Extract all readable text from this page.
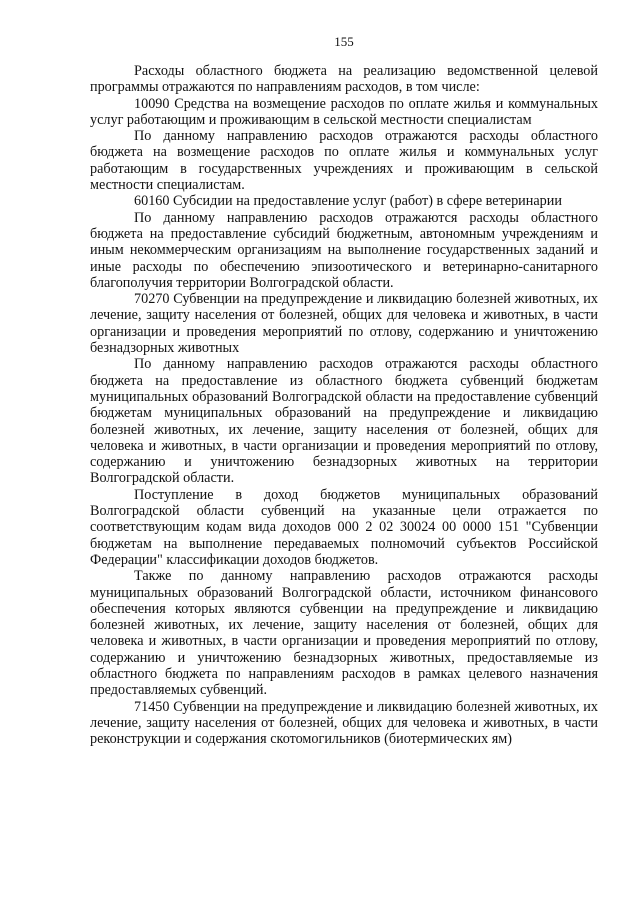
155

Расходы областного бюджета на реализацию ведомственной целевой программы отражаются по направлениям расходов, в том числе:

10090 Средства на возмещение расходов по оплате жилья и коммунальных услуг работающим и проживающим в сельской местности специалистам

По данному направлению расходов отражаются расходы областного бюджета на возмещение расходов по оплате жилья и коммунальных услуг работающим в государственных учреждениях и проживающим в сельской местности специалистам.

60160 Субсидии на предоставление услуг (работ) в сфере ветеринарии

По данному направлению расходов отражаются расходы областного бюджета на предоставление субсидий бюджетным, автономным учреждениям и иным некоммерческим организациям на выполнение государственных заданий и иные расходы по обеспечению эпизоотического и ветеринарно-санитарного благополучия территории Волгоградской области.

70270 Субвенции на предупреждение и ликвидацию болезней животных, их лечение, защиту населения от болезней, общих для человека и животных, в части организации и проведения мероприятий по отлову, содержанию и уничтожению безнадзорных животных

По данному направлению расходов отражаются расходы областного бюджета на предоставление из областного бюджета субвенций бюджетам муниципальных образований Волгоградской области на предоставление субвенций бюджетам муниципальных образований на предупреждение и ликвидацию болезней животных, их лечение, защиту населения от болезней, общих для человека и животных, в части организации и проведения мероприятий по отлову, содержанию и уничтожению безнадзорных животных на территории Волгоградской области.

Поступление в доход бюджетов муниципальных образований Волгоградской области субвенций на указанные цели отражается по соответствующим кодам вида доходов 000 2 02 30024 00 0000 151 "Субвенции бюджетам на выполнение передаваемых полномочий субъектов Российской Федерации" классификации доходов бюджетов.

Также по данному направлению расходов отражаются расходы муниципальных образований Волгоградской области, источником финансового обеспечения которых являются субвенции на предупреждение и ликвидацию болезней животных, их лечение, защиту населения от болезней, общих для человека и животных, в части организации и проведения мероприятий по отлову, содержанию и уничтожению безнадзорных животных, предоставляемые из областного бюджета по направлениям расходов в рамках целевого назначения предоставляемых субвенций.

71450 Субвенции на предупреждение и ликвидацию болезней животных, их лечение, защиту населения от болезней, общих для человека и животных, в части реконструкции и содержания скотомогильников (биотермических ям)
